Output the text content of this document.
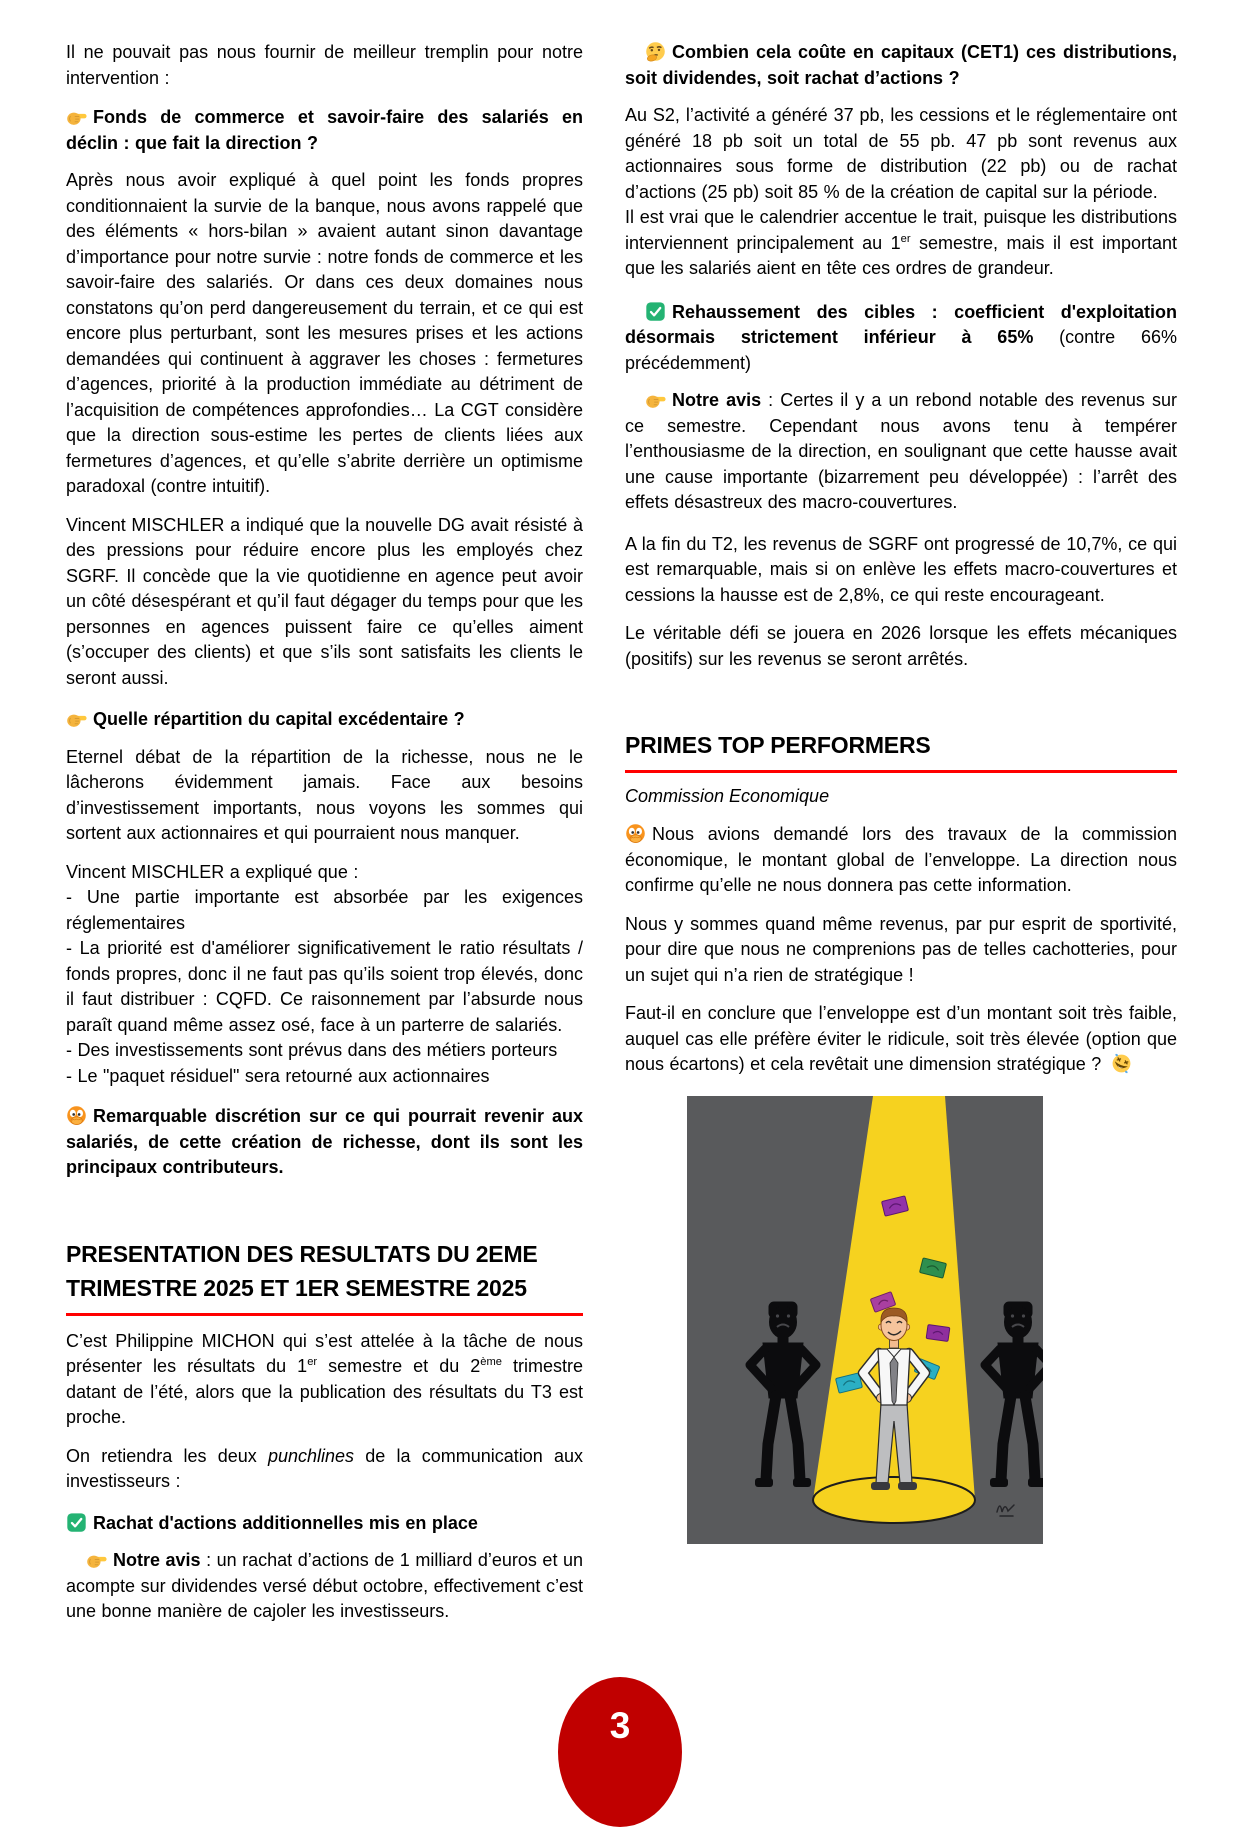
Il ne pouvait pas nous fournir de meilleur tremplin pour notre intervention :

Fonds de commerce et savoir-faire des salariés en déclin : que fait la direction ?

Après nous avoir expliqué à quel point les fonds propres conditionnaient la survie de la banque, nous avons rappelé que des éléments « hors-bilan » avaient autant sinon davantage d’importance pour notre survie : notre fonds de commerce et les savoir-faire des salariés. Or dans ces deux domaines nous constatons qu’on perd dangereusement du terrain, et ce qui est encore plus perturbant, sont les mesures prises et les actions demandées qui continuent à aggraver les choses : fermetures d’agences, priorité à la production immédiate au détriment de l’acquisition de compétences approfondies… La CGT considère que la direction sous-estime les pertes de clients liées aux fermetures d’agences, et qu’elle s’abrite derrière un optimisme paradoxal (contre intuitif).

Vincent MISCHLER a indiqué que la nouvelle DG avait résisté à des pressions pour réduire encore plus les employés chez SGRF. Il concède que la vie quotidienne en agence peut avoir un côté désespérant et qu’il faut dégager du temps pour que les personnes en agences puissent faire ce qu’elles aiment (s’occuper des clients) et que s’ils sont satisfaits les clients le seront aussi.

Quelle répartition du capital excédentaire ?

Eternel débat de la répartition de la richesse, nous ne le lâcherons évidemment jamais. Face aux besoins d’investissement importants, nous voyons les sommes qui sortent aux actionnaires et qui pourraient nous manquer.

Vincent MISCHLER a expliqué que :

- Une partie importante est absorbée par les exigences réglementaires

- La priorité est d'améliorer significativement le ratio résultats / fonds propres, donc il ne faut pas qu’ils soient trop élevés, donc il faut distribuer : CQFD. Ce raisonnement par l’absurde nous paraît quand même assez osé, face à un parterre de salariés.

- Des investissements sont prévus dans des métiers porteurs

- Le "paquet résiduel" sera retourné aux actionnaires

Remarquable discrétion sur ce qui pourrait revenir aux salariés, de cette création de richesse, dont ils sont les principaux contributeurs.
PRESENTATION DES RESULTATS DU 2EME TRIMESTRE 2025 ET 1ER SEMESTRE 2025

C’est Philippine MICHON qui s’est attelée à la tâche de nous présenter les résultats du 1er semestre et du 2ème trimestre datant de l’été, alors que la publication des résultats du T3 est proche.

On retiendra les deux punchlines de la communication aux investisseurs :

Rachat d'actions additionnelles mis en place

Notre avis : un rachat d’actions de 1 milliard d’euros et un acompte sur dividendes versé début octobre, effectivement c’est une bonne manière de cajoler les investisseurs.

Combien cela coûte en capitaux (CET1) ces distributions, soit dividendes, soit rachat d’actions ?

Au S2, l’activité a généré 37 pb, les cessions et le réglementaire ont généré 18 pb soit un total de 55 pb. 47 pb sont revenus aux actionnaires sous forme de distribution (22 pb) ou de rachat d’actions (25 pb) soit 85 % de la création de capital sur la période.

Il est vrai que le calendrier accentue le trait, puisque les distributions interviennent principalement au 1er semestre, mais il est important que les salariés aient en tête ces ordres de grandeur.

Rehaussement des cibles : coefficient d'exploitation désormais strictement inférieur à 65% (contre 66% précédemment)

Notre avis : Certes il y a un rebond notable des revenus sur ce semestre. Cependant nous avons tenu à tempérer l’enthousiasme de la direction, en soulignant que cette hausse avait une cause importante (bizarrement peu développée) : l’arrêt des effets désastreux des macro-couvertures.

A la fin du T2, les revenus de SGRF ont progressé de 10,7%, ce qui est remarquable, mais si on enlève les effets macro-couvertures et cessions la hausse est de 2,8%, ce qui reste encourageant.

Le véritable défi se jouera en 2026 lorsque les effets mécaniques (positifs) sur les revenus se seront arrêtés.

PRIMES TOP PERFORMERS

Commission Economique

Nous avions demandé lors des travaux de la commission économique, le montant global de l’enveloppe. La direction nous confirme qu’elle ne nous donnera pas cette information.

Nous y sommes quand même revenus, par pur esprit de sportivité, pour dire que nous ne comprenions pas de telles cachotteries, pour un sujet qui n’a rien de stratégique !

Faut-il en conclure que l’enveloppe est d’un montant soit très faible, auquel cas elle préfère éviter le ridicule, soit très élevée (option que nous écartons) et cela revêtait une dimension stratégique ?

3
